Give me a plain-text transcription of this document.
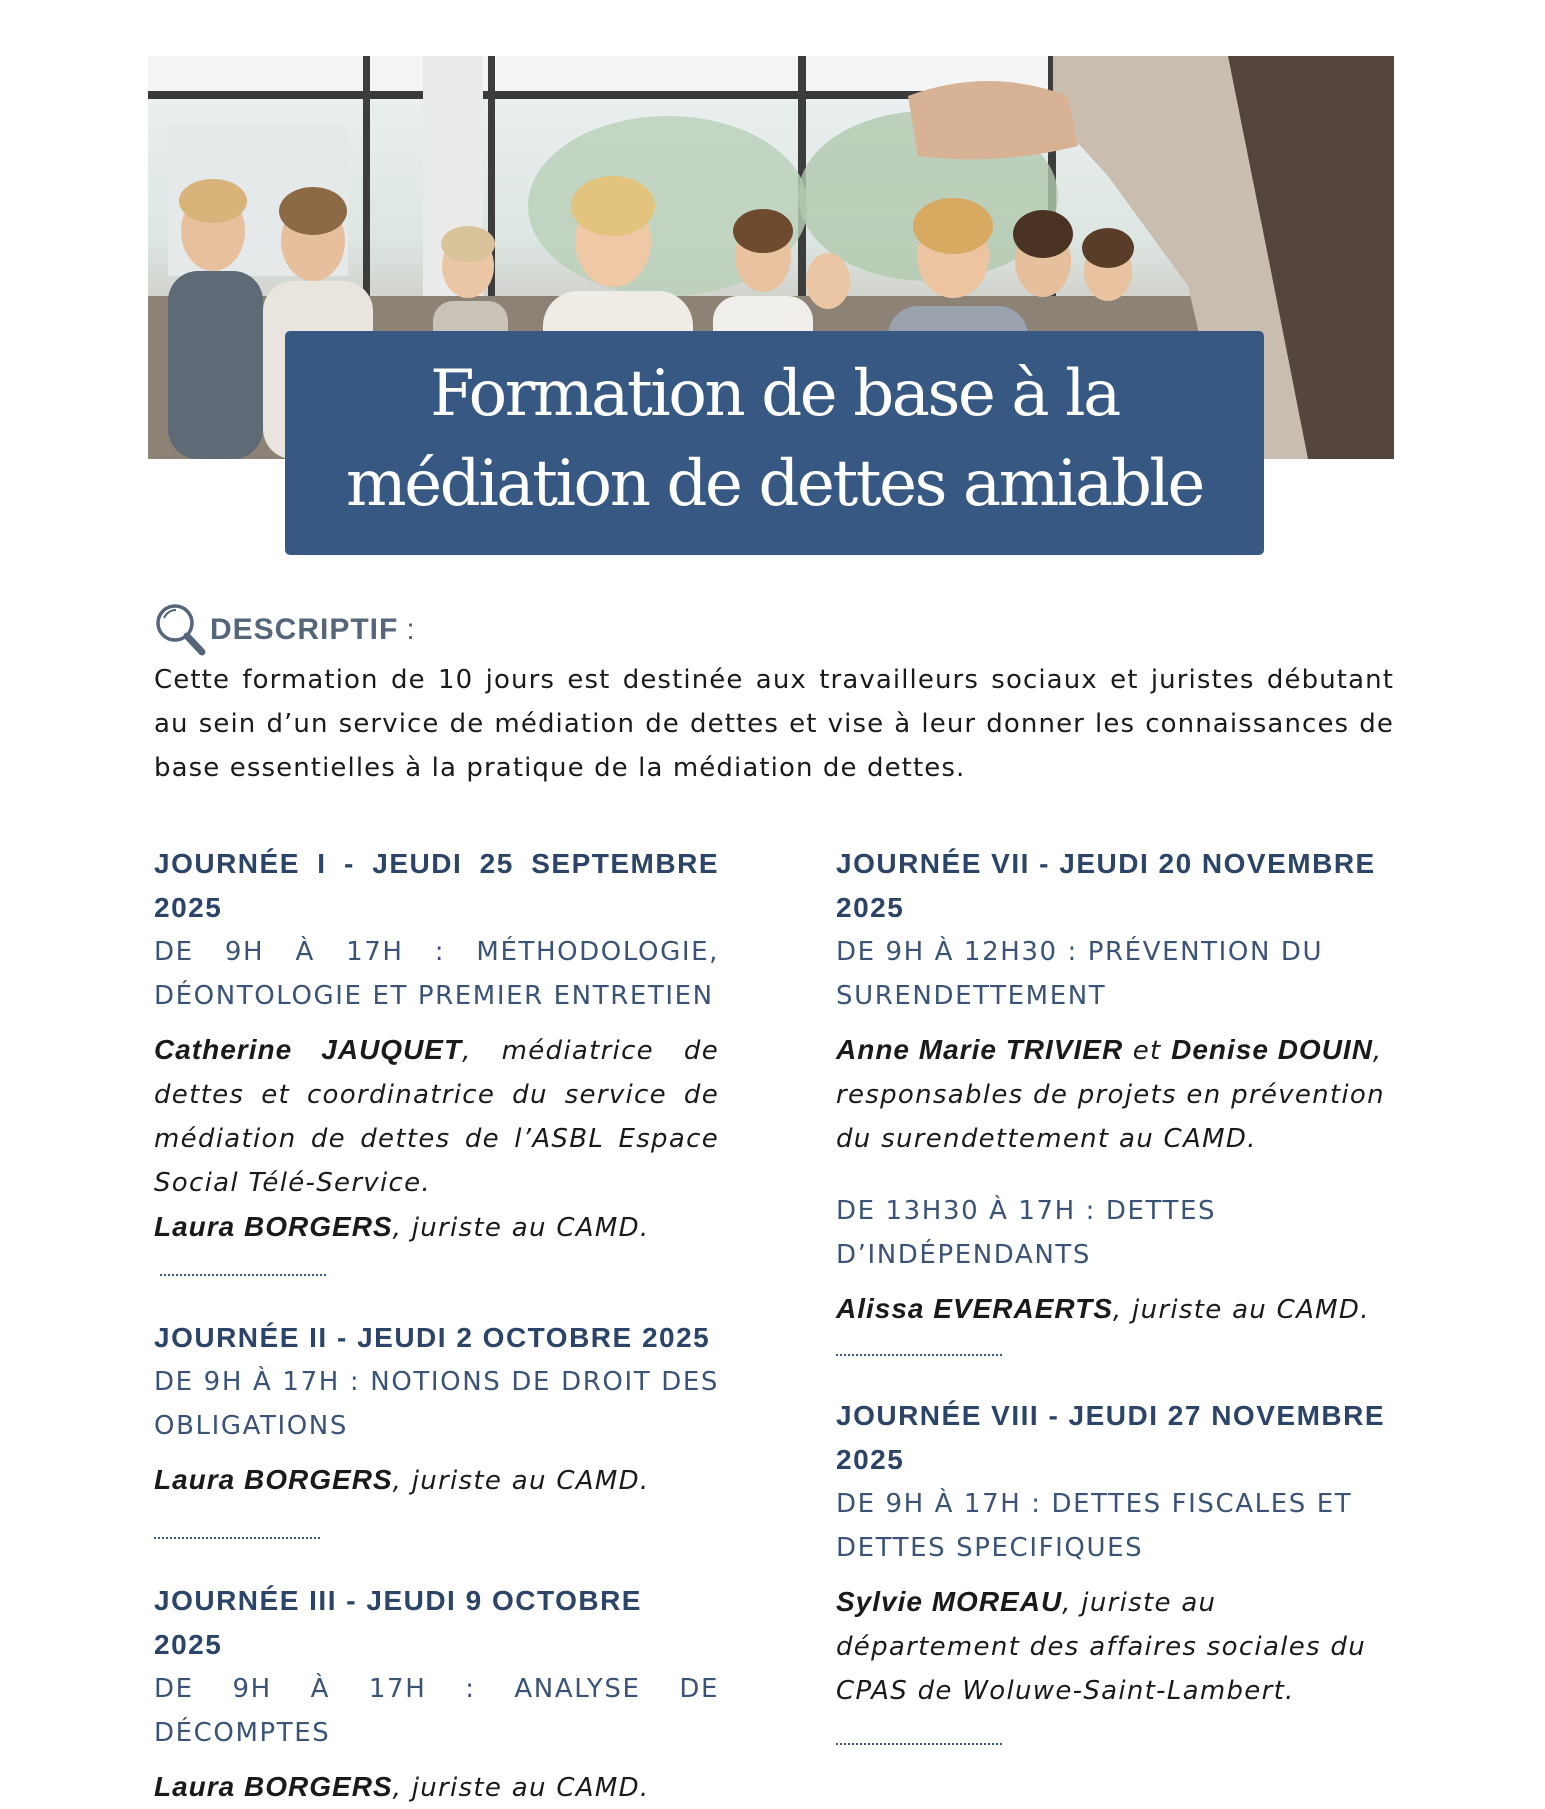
Formation de base à la
médiation de dettes amiable
DESCRIPTIF :
Cette formation de 10 jours est destinée aux travailleurs sociaux et juristes débutant au sein d’un service de médiation de dettes et vise à leur donner les connaissances de base essentielles à la pratique de la médiation de dettes.
JOURNÉE I - JEUDI 25 SEPTEMBRE 2025
DE 9H À 17H : MÉTHODOLOGIE, DÉONTOLOGIE ET PREMIER ENTRETIEN
Catherine JAUQUET, médiatrice de dettes et coordinatrice du service de médiation de dettes de l’ASBL Espace Social Télé-Service.
Laura BORGERS, juriste au CAMD.
JOURNÉE II - JEUDI 2 OCTOBRE 2025
DE 9H À 17H : NOTIONS DE DROIT DES OBLIGATIONS
Laura BORGERS, juriste au CAMD.
JOURNÉE III - JEUDI 9 OCTOBRE 2025
DE 9H À 17H : ANALYSE DE DÉCOMPTES
Laura BORGERS, juriste au CAMD.
JOURNÉE VII - JEUDI 20 NOVEMBRE 2025
DE 9H À 12H30 : PRÉVENTION DU SURENDETTEMENT
Anne Marie TRIVIER et Denise DOUIN, responsables de projets en prévention du surendettement au CAMD.
DE 13H30 À 17H : DETTES D’INDÉPENDANTS
Alissa EVERAERTS, juriste au CAMD.
JOURNÉE VIII - JEUDI 27 NOVEMBRE 2025
DE 9H À 17H : DETTES FISCALES ET DETTES SPECIFIQUES
Sylvie MOREAU, juriste au département des affaires sociales du CPAS de Woluwe-Saint-Lambert.
